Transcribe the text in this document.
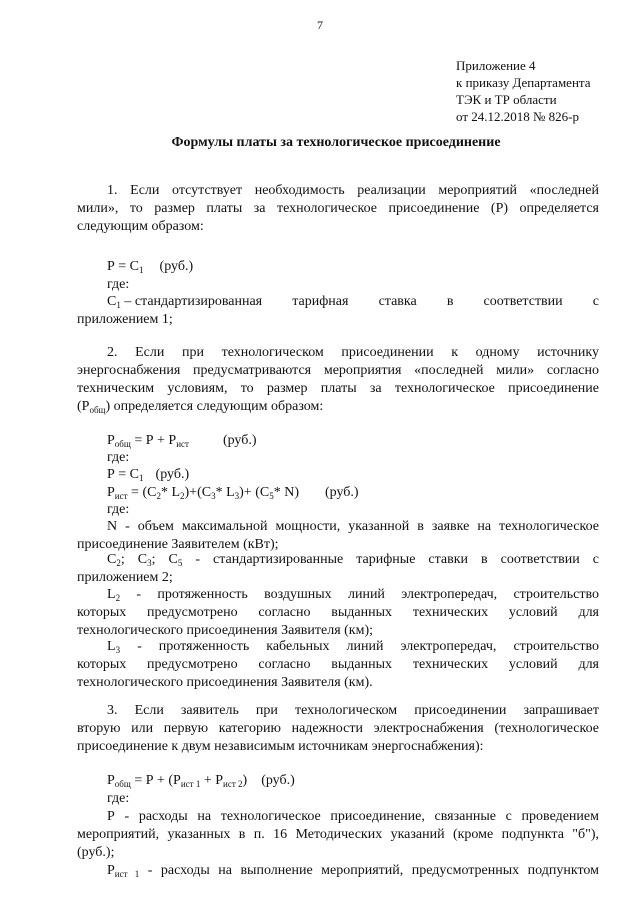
7
Приложение 4
к приказу Департамента
ТЭК и ТР области
от 24.12.2018 № 826-р
Формулы платы за технологическое присоединение
1. Если отсутствует необходимость реализации мероприятий «последней
мили», то размер платы за технологическое присоединение (Р) определяется
следующим образом:
$Р = С_1$ (руб.)
где:
$С_1$ – стандартизированная тарифная ставка в соответствии с
приложением 1;
2. Если при технологическом присоединении к одному источнику
энергоснабжения предусматриваются мероприятия «последней мили» согласно
техническим условиям, то размер платы за технологическое присоединение
$(Р_{общ})$ определяется следующим образом:
$Р_{общ} = Р + Р_{ист}$ (руб.)
где:
$Р = С_1$ (руб.)
$Р_{ист} = (С_2*$ $L_2)+(С_3*$ $L_3)+ (С_5*$ N) (руб.)
где:
N - объем максимальной мощности, указанной в заявке на технологическое
присоединение Заявителем (кВт);
$С_2$; $С_3$; $С_5$ - стандартизированные тарифные ставки в соответствии с
приложением 2;
$L_2$ - протяженность воздушных линий электропередач, строительство
которых предусмотрено согласно выданных технических условий для
технологического присоединения Заявителя (км);
$L_3$ - протяженность кабельных линий электропередач, строительство
которых предусмотрено согласно выданных технических условий для
технологического присоединения Заявителя (км).
3. Если заявитель при технологическом присоединении запрашивает
вторую или первую категорию надежности электроснабжения (технологическое
присоединение к двум независимым источникам энергоснабжения):
$Р_{общ} = Р + (Р_{ист 1} + Р_{ист 2})$ (руб.)
где:
Р - расходы на технологическое присоединение, связанные с проведением
мероприятий, указанных в п. 16 Методических указаний (кроме подпункта "б"),
(руб.);
$Р_{ист 1}$ - расходы на выполнение мероприятий, предусмотренных подпунктом
